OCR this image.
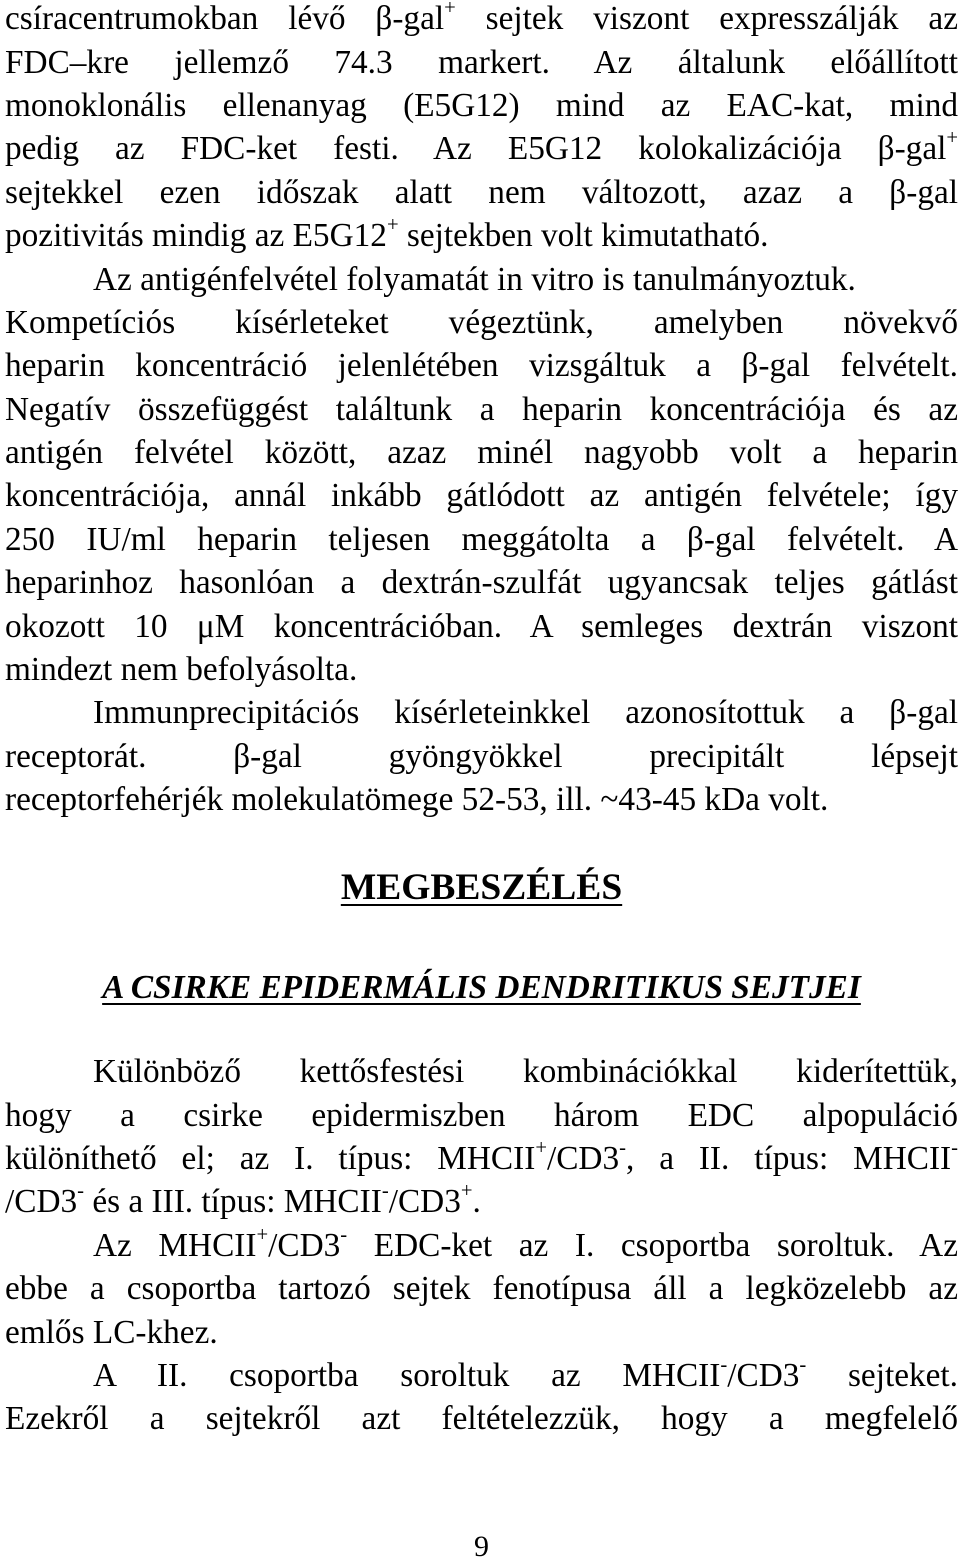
csíracentrumokban lévő β-gal+ sejtek viszont expresszálják az
FDC–kre jellemző 74.3 markert. Az általunk előállított
monoklonális ellenanyag (E5G12) mind az EAC-kat, mind
pedig az FDC-ket festi. Az E5G12 kolokalizációja β-gal+
sejtekkel ezen időszak alatt nem változott, azaz a β-gal
pozitivitás mindig az E5G12+ sejtekben volt kimutatható.
Az antigénfelvétel folyamatát in vitro is tanulmányoztuk.
Kompetíciós kísérleteket végeztünk, amelyben növekvő
heparin koncentráció jelenlétében vizsgáltuk a β-gal felvételt.
Negatív összefüggést találtunk a heparin koncentrációja és az
antigén felvétel között, azaz minél nagyobb volt a heparin
koncentrációja, annál inkább gátlódott az antigén felvétele; így
250 IU/ml heparin teljesen meggátolta a β-gal felvételt. A
heparinhoz hasonlóan a dextrán-szulfát ugyancsak teljes gátlást
okozott 10 μM koncentrációban. A semleges dextrán viszont
mindezt nem befolyásolta.
Immunprecipitációs kísérleteinkkel azonosítottuk a β-gal
receptorát. β-gal gyöngyökkel precipitált lépsejt
receptorfehérjék molekulatömege 52-53, ill. ~43-45 kDa volt.
MEGBESZÉLÉS
A CSIRKE EPIDERMÁLIS DENDRITIKUS SEJTJEI
Különböző kettősfestési kombinációkkal kiderítettük,
hogy a csirke epidermiszben három EDC alpopuláció
különíthető el; az I. típus: MHCII+/CD3-, a II. típus: MHCII-
/CD3- és a III. típus: MHCII-/CD3+.
Az MHCII+/CD3- EDC-ket az I. csoportba soroltuk. Az
ebbe a csoportba tartozó sejtek fenotípusa áll a legközelebb az
emlős LC-khez.
A II. csoportba soroltuk az MHCII-/CD3- sejteket.
Ezekről a sejtekről azt feltételezzük, hogy a megfelelő
9
